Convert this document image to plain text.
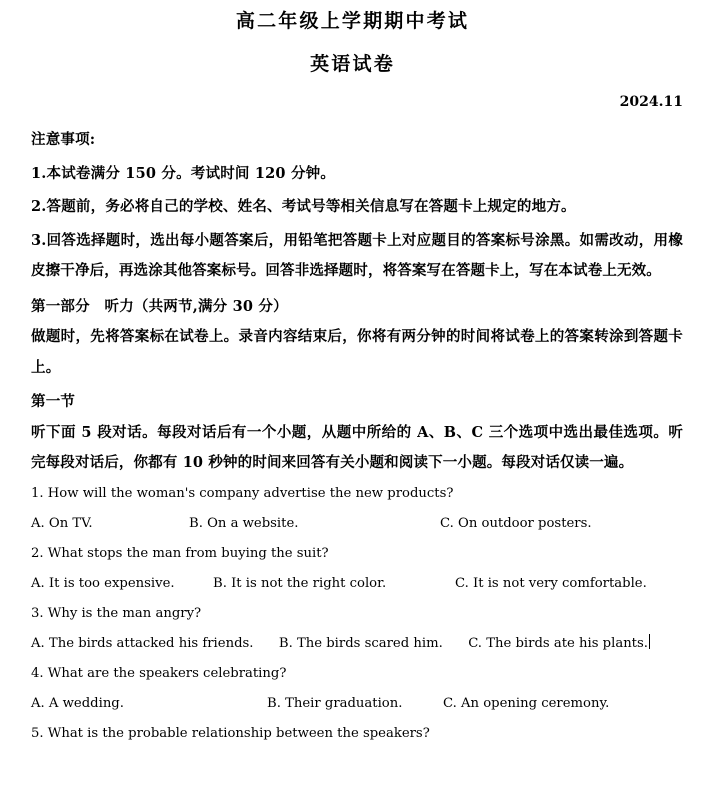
高二年级上学期期中考试
英语试卷
2024.11

注意事项:

1.本试卷满分 150 分。考试时间 120 分钟。

2.答题前，务必将自己的学校、姓名、考试号等相关信息写在答题卡上规定的地方。

3.回答选择题时，选出每小题答案后，用铅笔把答题卡上对应题目的答案标号涂黑。如需改动，用橡皮擦干净后，再选涂其他答案标号。回答非选择题时，将答案写在答题卡上，写在本试卷上无效。

第一部分　听力（共两节,满分 30 分）

做题时，先将答案标在试卷上。录音内容结束后，你将有两分钟的时间将试卷上的答案转涂到答题卡上。

第一节

听下面 5 段对话。每段对话后有一个小题，从题中所给的 A、B、C 三个选项中选出最佳选项。听完每段对话后，你都有 10 秒钟的时间来回答有关小题和阅读下一小题。每段对话仅读一遍。

1. How will the woman's company advertise the new products?

A. On TV.	B. On a website.	C. On outdoor posters.

2. What stops the man from buying the suit?

A. It is too expensive.	B. It is not the right color.	C. It is not very comfortable.

3. Why is the man angry?

A. The birds attacked his friends. B. The birds scared him. C. The birds ate his plants.

4. What are the speakers celebrating?

A. A wedding.	B. Their graduation.	C. An opening ceremony.

5. What is the probable relationship between the speakers?
